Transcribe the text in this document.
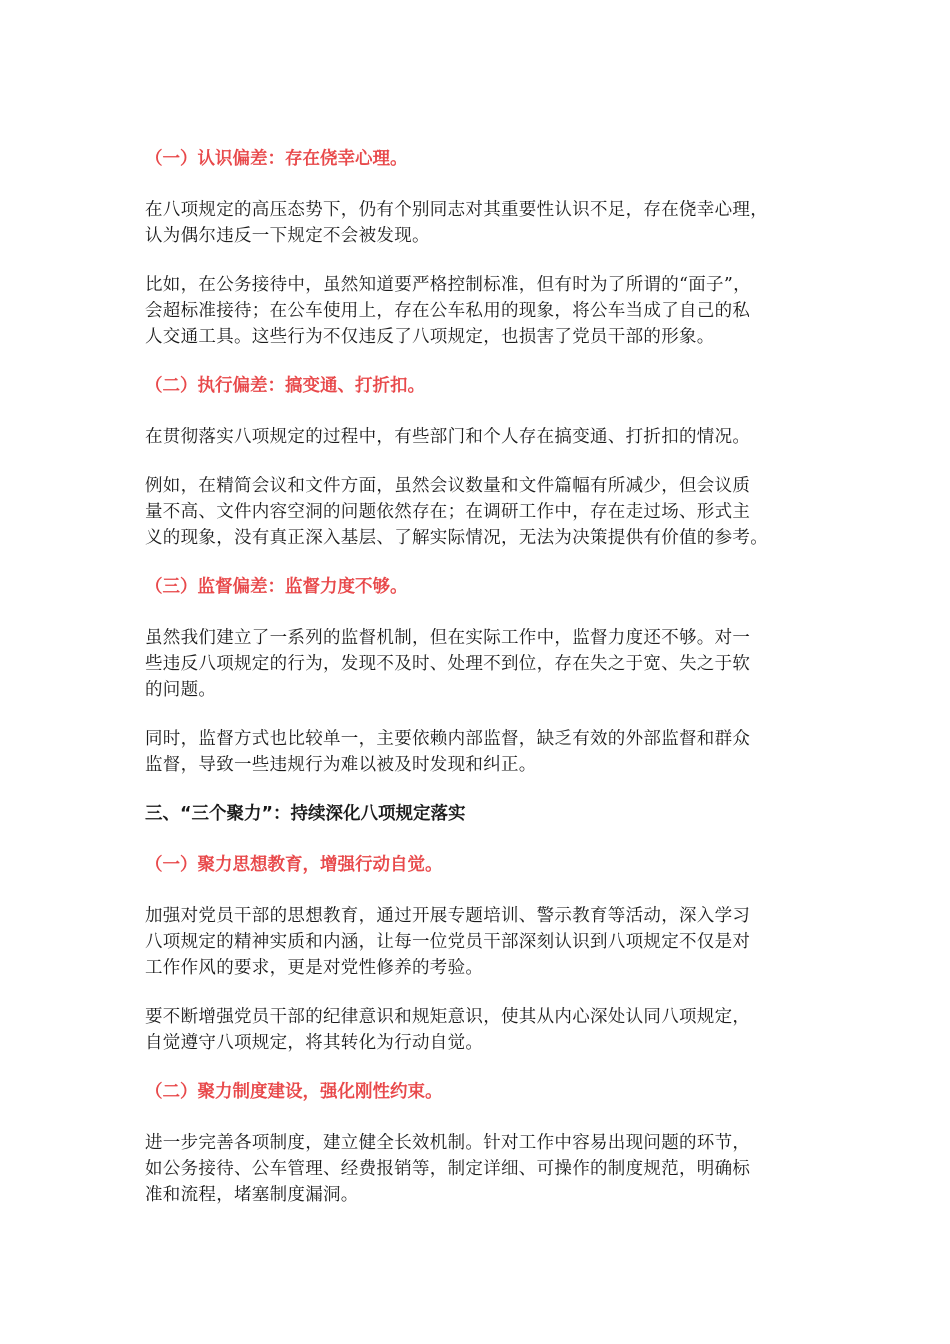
（一）认识偏差：存在侥幸心理。
在八项规定的高压态势下，仍有个别同志对其重要性认识不足，存在侥幸心理，
认为偶尔违反一下规定不会被发现。
比如，在公务接待中，虽然知道要严格控制标准，但有时为了所谓的“面子”，
会超标准接待；在公车使用上，存在公车私用的现象，将公车当成了自己的私
人交通工具。这些行为不仅违反了八项规定，也损害了党员干部的形象。
（二）执行偏差：搞变通、打折扣。
在贯彻落实八项规定的过程中，有些部门和个人存在搞变通、打折扣的情况。
例如，在精简会议和文件方面，虽然会议数量和文件篇幅有所减少，但会议质
量不高、文件内容空洞的问题依然存在；在调研工作中，存在走过场、形式主
义的现象，没有真正深入基层、了解实际情况，无法为决策提供有价值的参考。
（三）监督偏差：监督力度不够。
虽然我们建立了一系列的监督机制，但在实际工作中，监督力度还不够。对一
些违反八项规定的行为，发现不及时、处理不到位，存在失之于宽、失之于软
的问题。
同时，监督方式也比较单一，主要依赖内部监督，缺乏有效的外部监督和群众
监督，导致一些违规行为难以被及时发现和纠正。
三、“三个聚力”：持续深化八项规定落实
（一）聚力思想教育，增强行动自觉。
加强对党员干部的思想教育，通过开展专题培训、警示教育等活动，深入学习
八项规定的精神实质和内涵，让每一位党员干部深刻认识到八项规定不仅是对
工作作风的要求，更是对党性修养的考验。
要不断增强党员干部的纪律意识和规矩意识，使其从内心深处认同八项规定，
自觉遵守八项规定，将其转化为行动自觉。
（二）聚力制度建设，强化刚性约束。
进一步完善各项制度，建立健全长效机制。针对工作中容易出现问题的环节，
如公务接待、公车管理、经费报销等，制定详细、可操作的制度规范，明确标
准和流程，堵塞制度漏洞。
